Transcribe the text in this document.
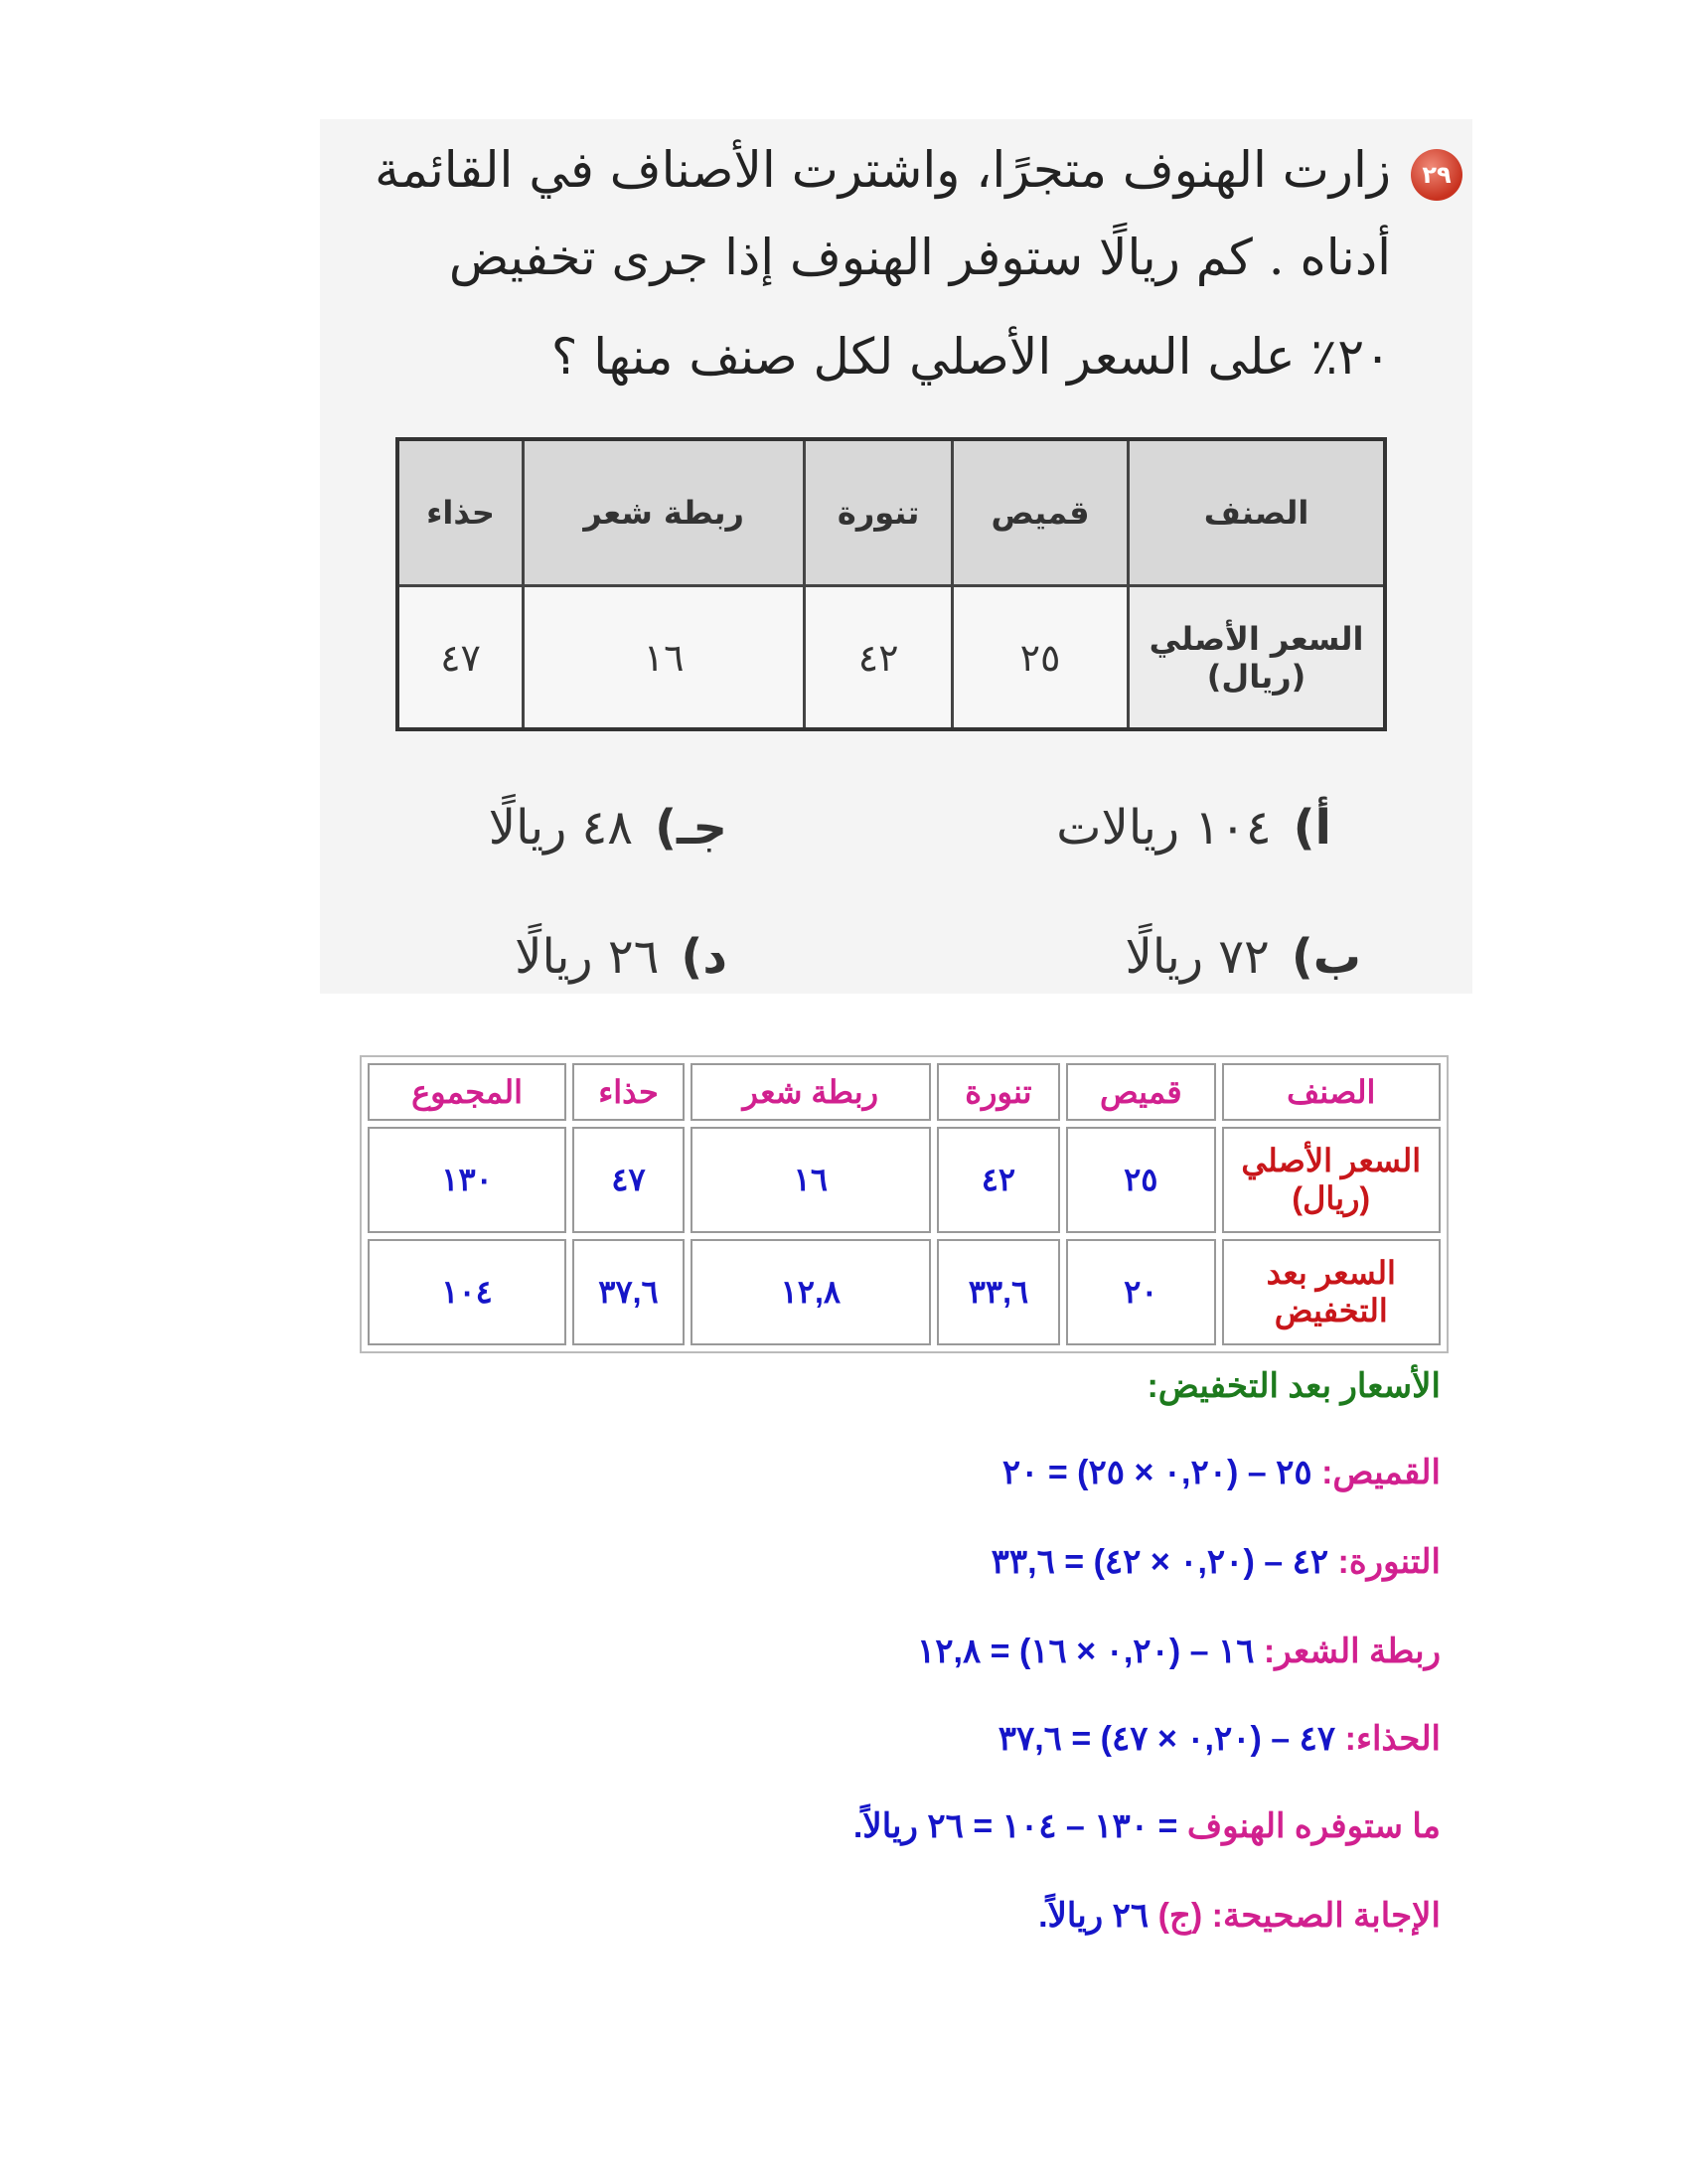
٢٩
زارت الهنوف متجرًا، واشترت الأصناف في القائمة
أدناه . كم ريالًا ستوفر الهنوف إذا جرى تخفيض
٢٠٪ على السعر الأصلي لكل صنف منها ؟
الصنف	قميص	تنورة	ربطة شعر	حذاء
السعر الأصلي (ريال)	٢٥	٤٢	١٦	٤٧
أ)١٠٤ ريالات
جـ)٤٨ ريالًا
ب)٧٢ ريالًا
د)٢٦ ريالًا
الصنف	قميص	تنورة	ربطة شعر	حذاء	المجموع
السعر الأصلي (ريال)	٢٥	٤٢	١٦	٤٧	١٣٠
السعر بعد التخفيض	٢٠	٣٣,٦	١٢,٨	٣٧,٦	١٠٤
الأسعار بعد التخفيض:
القميص: ٢٥ – (٠,٢٠ × ٢٥) = ٢٠
التنورة: ٤٢ – (٠,٢٠ × ٤٢) = ٣٣,٦
ربطة الشعر: ١٦ – (٠,٢٠ × ١٦) = ١٢,٨
الحذاء: ٤٧ – (٠,٢٠ × ٤٧) = ٣٧,٦
ما ستوفره الهنوف = ١٣٠ – ١٠٤ = ٢٦ ريالاً.
الإجابة الصحيحة: (ج) ٢٦ ريالاً.
